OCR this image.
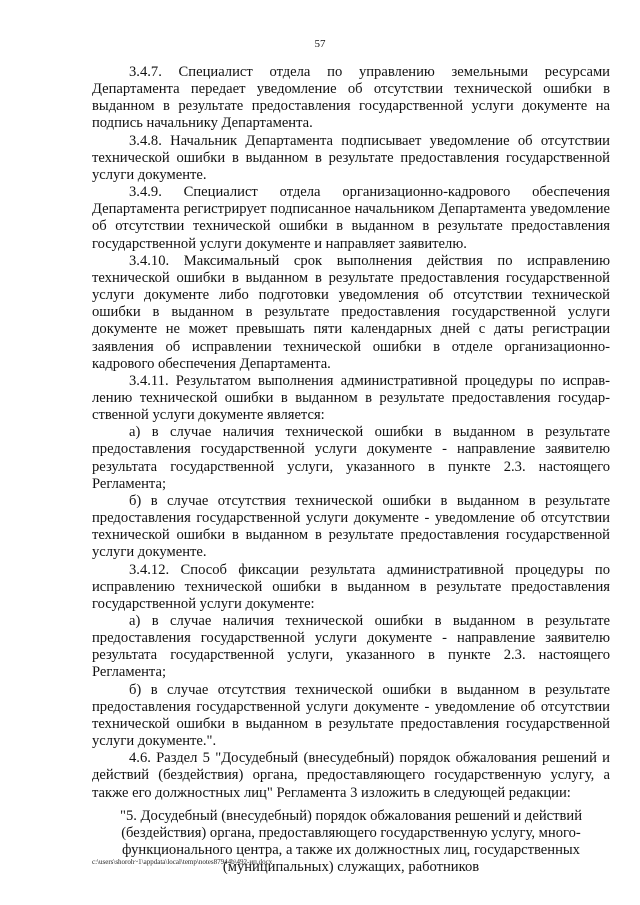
57

3.4.7. Специалист отдела по управлению земельными ресурсами Департамента передает уведомление об отсутствии технической ошибки в выданном в результате предоставления государственной услуги документе на подпись начальнику Департамента.

3.4.8. Начальник Департамента подписывает уведомление об отсутствии технической ошибки в выданном в результате предоставления государственной услуги документе.

3.4.9. Специалист отдела организационно-кадрового обеспечения Департамента регистрирует подписанное начальником Департамента уведомление об отсутствии технической ошибки в выданном в результате предоставления государственной услуги документе и направляет заявителю.

3.4.10. Максимальный срок выполнения действия по исправлению технической ошибки в выданном в результате предоставления государственной услуги документе либо подготовки уведомления об отсутствии технической ошибки в выданном в результате предоставления государственной услуги документе не может превышать пяти календарных дней с даты регистрации заявления об исправлении технической ошибки в отделе организационно-кадрового обеспечения Департамента.

3.4.11. Результатом выполнения административной процедуры по исправлению технической ошибки в выданном в результате предоставления государственной услуги документе является:

а) в случае наличия технической ошибки в выданном в результате предоставления государственной услуги документе - направление заявителю результата государственной услуги, указанного в пункте 2.3. настоящего Регламента;

б) в случае отсутствия технической ошибки в выданном в результате предоставления государственной услуги документе - уведомление об отсутствии технической ошибки в выданном в результате предоставления государственной услуги документе.

3.4.12. Способ фиксации результата административной процедуры по исправлению технической ошибки в выданном в результате предоставления государственной услуги документе:

а) в случае наличия технической ошибки в выданном в результате предоставления государственной услуги документе - направление заявителю результата государственной услуги, указанного в пункте 2.3. настоящего Регламента;

б) в случае отсутствия технической ошибки в выданном в результате предоставления государственной услуги документе - уведомление об отсутствии технической ошибки в выданном в результате предоставления государственной услуги документе.".

4.6. Раздел 5 "Досудебный (внесудебный) порядок обжалования решений и действий (бездействия) органа, предоставляющего государственную услугу, а также его должностных лиц" Регламента 3 изложить в следующей редакции:

"5. Досудебный (внесудебный) порядок обжалования решений и действий (бездействия) органа, предоставляющего государственную услугу, многофункционального центра, а также их должностных лиц, государственных (муниципальных) служащих, работников
c:\users\shoroh~1\appdata\local\temp\notes87944b\492-ип.docx
